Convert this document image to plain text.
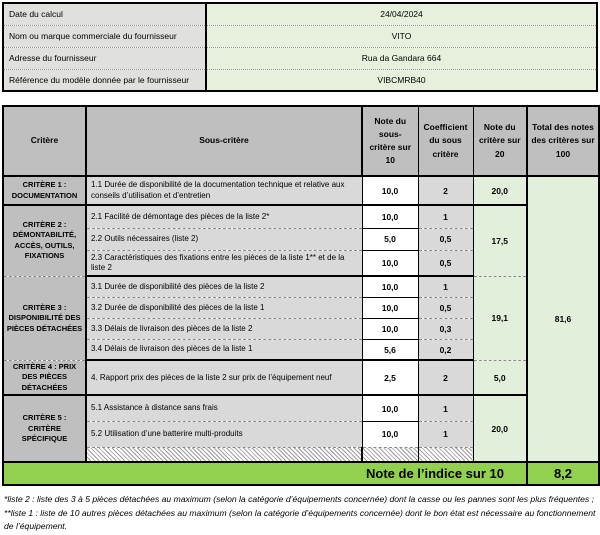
Date du calcul	24/04/2024
Nom ou marque commerciale du fournisseur	VITO
Adresse du fournisseur	Rua da Gandara 664
Référence du modèle donnée par le fournisseur	VIBCMRB40
Critère	Sous-critère	Note du sous-critère sur 10	Coefficient du sous critère	Note du critère sur 20	Total des notes des critères sur 100
CRITÈRE 1 : DOCUMENTATION	1.1 Durée de disponibilité de la documentation technique et relative aux conseils d’utilisation et d’entretien	10,0	2	20,0	81,6
CRITÈRE 2 : DÉMONTABILITÉ, ACCÈS, OUTILS, FIXATIONS	2.1 Facilité de démontage des pièces de la liste 2*	10,0	1	17,5	
	2.2 Outils nécessaires (liste 2)	5,0	0,5		
	2.3 Caractéristiques des fixations entre les pièces de la liste 1** et de la liste 2	10,0	0,5		
CRITÈRE 3 : DISPONIBILITÉ DES PIÈCES DÉTACHÉES	3.1 Durée de disponibilité des pièces de la liste 2	10,0	1	19,1	
	3.2 Durée de disponibilité des pièces de la liste 1	10,0	0,5		
	3.3 Délais de livraison des pièces de la liste 2	10,0	0,3		
	3.4 Délais de livraison des pièces de la liste 1	5,6	0,2		
CRITÈRE 4 : PRIX DES PIÈCES DÉTACHÉES	4. Rapport prix des pièces de la liste 2 sur prix de l’équipement neuf	2,5	2	5,0	
CRITÈRE 5 : CRITÈRE SPÉCIFIQUE	5.1 Assistance à distance sans frais	10,0	1	20,0	
	5.2 Utilisation d’une batterire multi-produits	10,0	1		

Note de l’indice sur 10					8,2

*liste 2 : liste des 3 à 5 pièces détachées au maximum (selon la catégorie d’équipements concernée) dont la casse ou les pannes sont les plus fréquentes ;

**liste 1 : liste de 10 autres pièces détachées au maximum (selon la catégorie d’équipements concernée) dont le bon état est nécessaire au fonctionnement de l’équipement.
